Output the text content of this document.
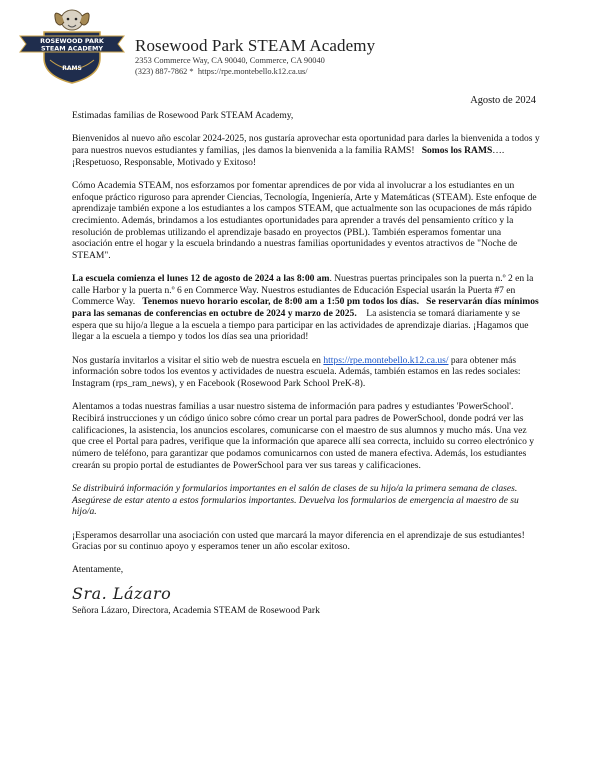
RAMS
ROSEWOOD PARK
STEAM ACADEMY Rosewood Park STEAM Academy
2353 Commerce Way, CA 90040, Commerce, CA 90040
(323) 887-7862 * https://rpe.montebello.k12.ca.us/
Agosto de 2024

Estimadas familias de Rosewood Park STEAM Academy,

Bienvenidos al nuevo año escolar 2024-2025, nos gustaría aprovechar esta oportunidad para darles la bienvenida a todos y para nuestros nuevos estudiantes y familias, ¡les damos la bienvenida a la familia RAMS! Somos los RAMS…. ¡Respetuoso, Responsable, Motivado y Exitoso!

Cómo Academia STEAM, nos esforzamos por fomentar aprendices de por vida al involucrar a los estudiantes en un enfoque práctico riguroso para aprender Ciencias, Tecnología, Ingeniería, Arte y Matemáticas (STEAM). Este enfoque de aprendizaje también expone a los estudiantes a los campos STEAM, que actualmente son las ocupaciones de más rápido crecimiento. Además, brindamos a los estudiantes oportunidades para aprender a través del pensamiento crítico y la resolución de problemas utilizando el aprendizaje basado en proyectos (PBL). También esperamos fomentar una asociación entre el hogar y la escuela brindando a nuestras familias oportunidades y eventos atractivos de "Noche de STEAM".

La escuela comienza el lunes 12 de agosto de 2024 a las 8:00 am. Nuestras puertas principales son la puerta n.º 2 en la calle Harbor y la puerta n.º 6 en Commerce Way. Nuestros estudiantes de Educación Especial usarán la Puerta #7 en Commerce Way. Tenemos nuevo horario escolar, de 8:00 am a 1:50 pm todos los días. Se reservarán días mínimos para las semanas de conferencias en octubre de 2024 y marzo de 2025. La asistencia se tomará diariamente y se espera que su hijo/a llegue a la escuela a tiempo para participar en las actividades de aprendizaje diarias. ¡Hagamos que llegar a la escuela a tiempo y todos los días sea una prioridad!

Nos gustaría invitarlos a visitar el sitio web de nuestra escuela en https://rpe.montebello.k12.ca.us/ para obtener más información sobre todos los eventos y actividades de nuestra escuela. Además, también estamos en las redes sociales: Instagram (rps_ram_news), y en Facebook (Rosewood Park School PreK-8).

Alentamos a todas nuestras familias a usar nuestro sistema de información para padres y estudiantes 'PowerSchool'. Recibirá instrucciones y un código único sobre cómo crear un portal para padres de PowerSchool, donde podrá ver las calificaciones, la asistencia, los anuncios escolares, comunicarse con el maestro de sus alumnos y mucho más. Una vez que cree el Portal para padres, verifique que la información que aparece allí sea correcta, incluido su correo electrónico y número de teléfono, para garantizar que podamos comunicarnos con usted de manera efectiva. Además, los estudiantes crearán su propio portal de estudiantes de PowerSchool para ver sus tareas y calificaciones.

Se distribuirá información y formularios importantes en el salón de clases de su hijo/a la primera semana de clases. Asegúrese de estar atento a estos formularios importantes. Devuelva los formularios de emergencia al maestro de su hijo/a.

¡Esperamos desarrollar una asociación con usted que marcará la mayor diferencia en el aprendizaje de sus estudiantes! Gracias por su continuo apoyo y esperamos tener un año escolar exitoso.

Atentamente,

Sra. Lázaro

Señora Lázaro, Directora, Academia STEAM de Rosewood Park
